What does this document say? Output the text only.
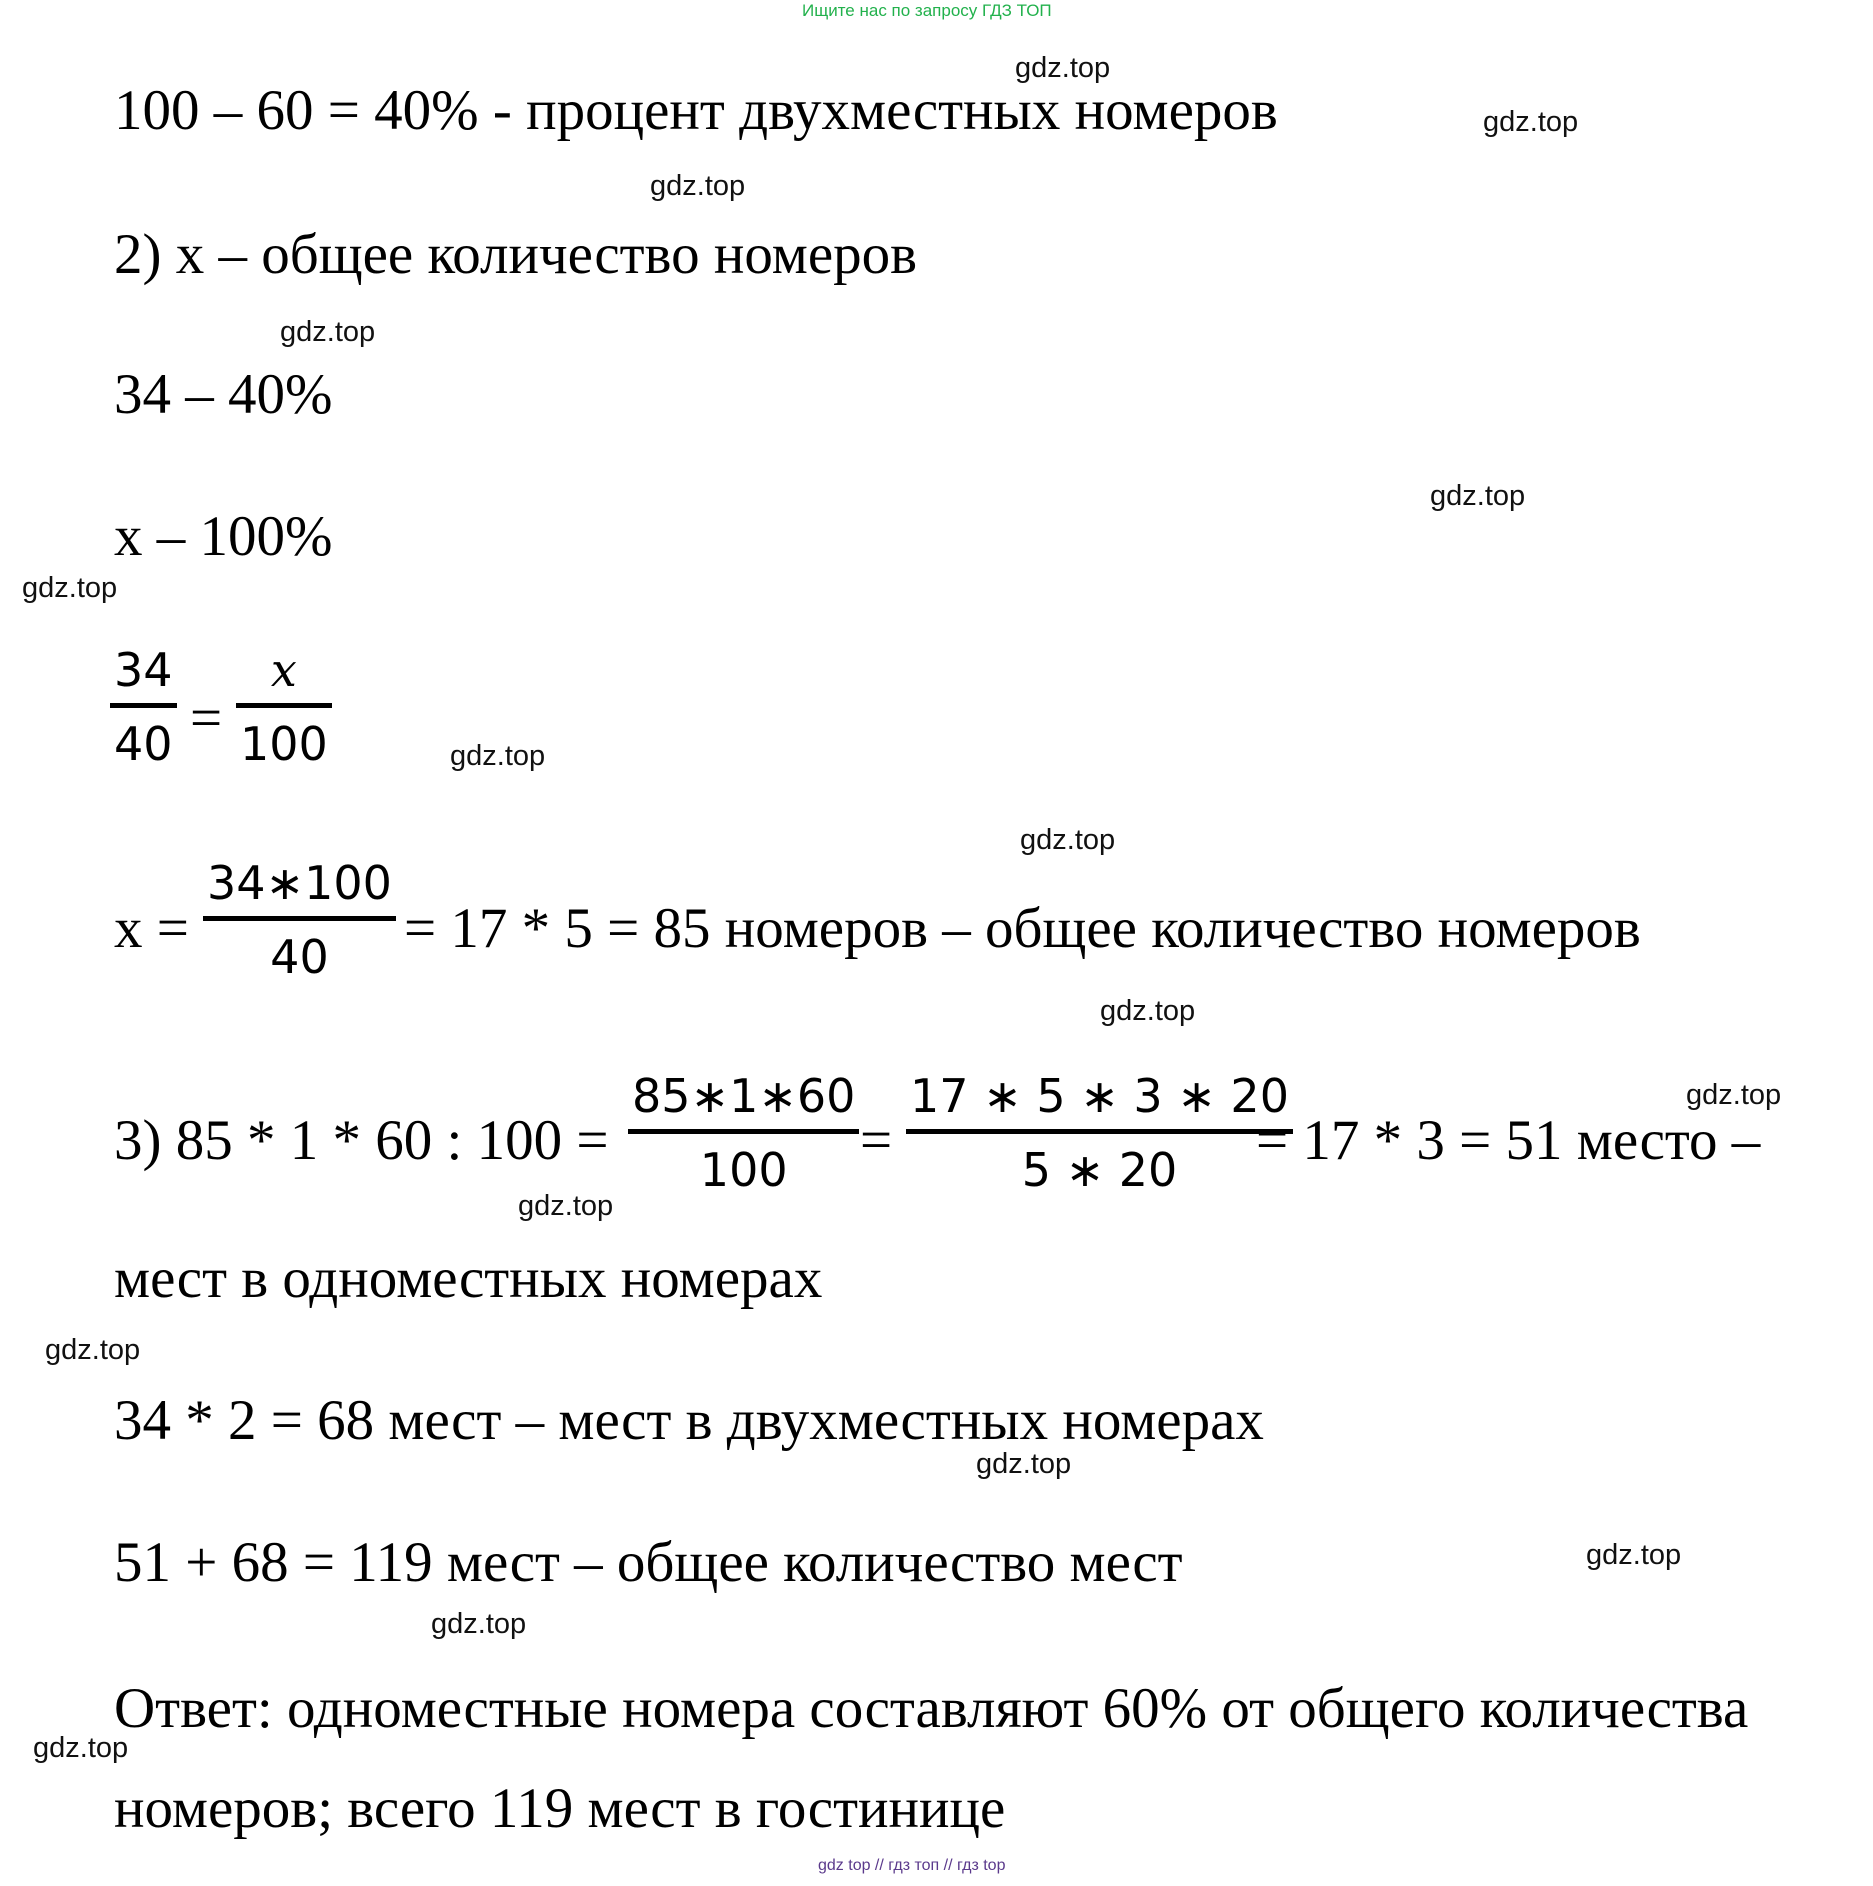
Ищите нас по запросу ГДЗ ТОП
gdz.top
gdz.top
gdz.top
gdz.top
gdz.top
gdz.top
gdz.top
gdz.top
gdz.top
gdz.top
gdz.top
gdz.top
gdz.top
gdz.top
gdz.top
gdz.top
100 – 60 = 40% - процент двухместных номеров
2) x – общее количество номеров
34 – 40%
x – 100%
34
40 =
x
100
x =
34∗100
40 = 17 * 5 = 85 номеров – общее количество номеров
3) 85 * 1 * 60 : 100 =
85∗1∗60
100 =
17 ∗ 5 ∗ 3 ∗ 20
5 ∗ 20 = 17 * 3 = 51 место –
мест в одноместных номерах
34 * 2 = 68 мест – мест в двухместных номерах
51 + 68 = 119 мест – общее количество мест
Ответ: одноместные номера составляют 60% от общего количества
номеров; всего 119 мест в гостинице
gdz top // гдз топ // гдз top
